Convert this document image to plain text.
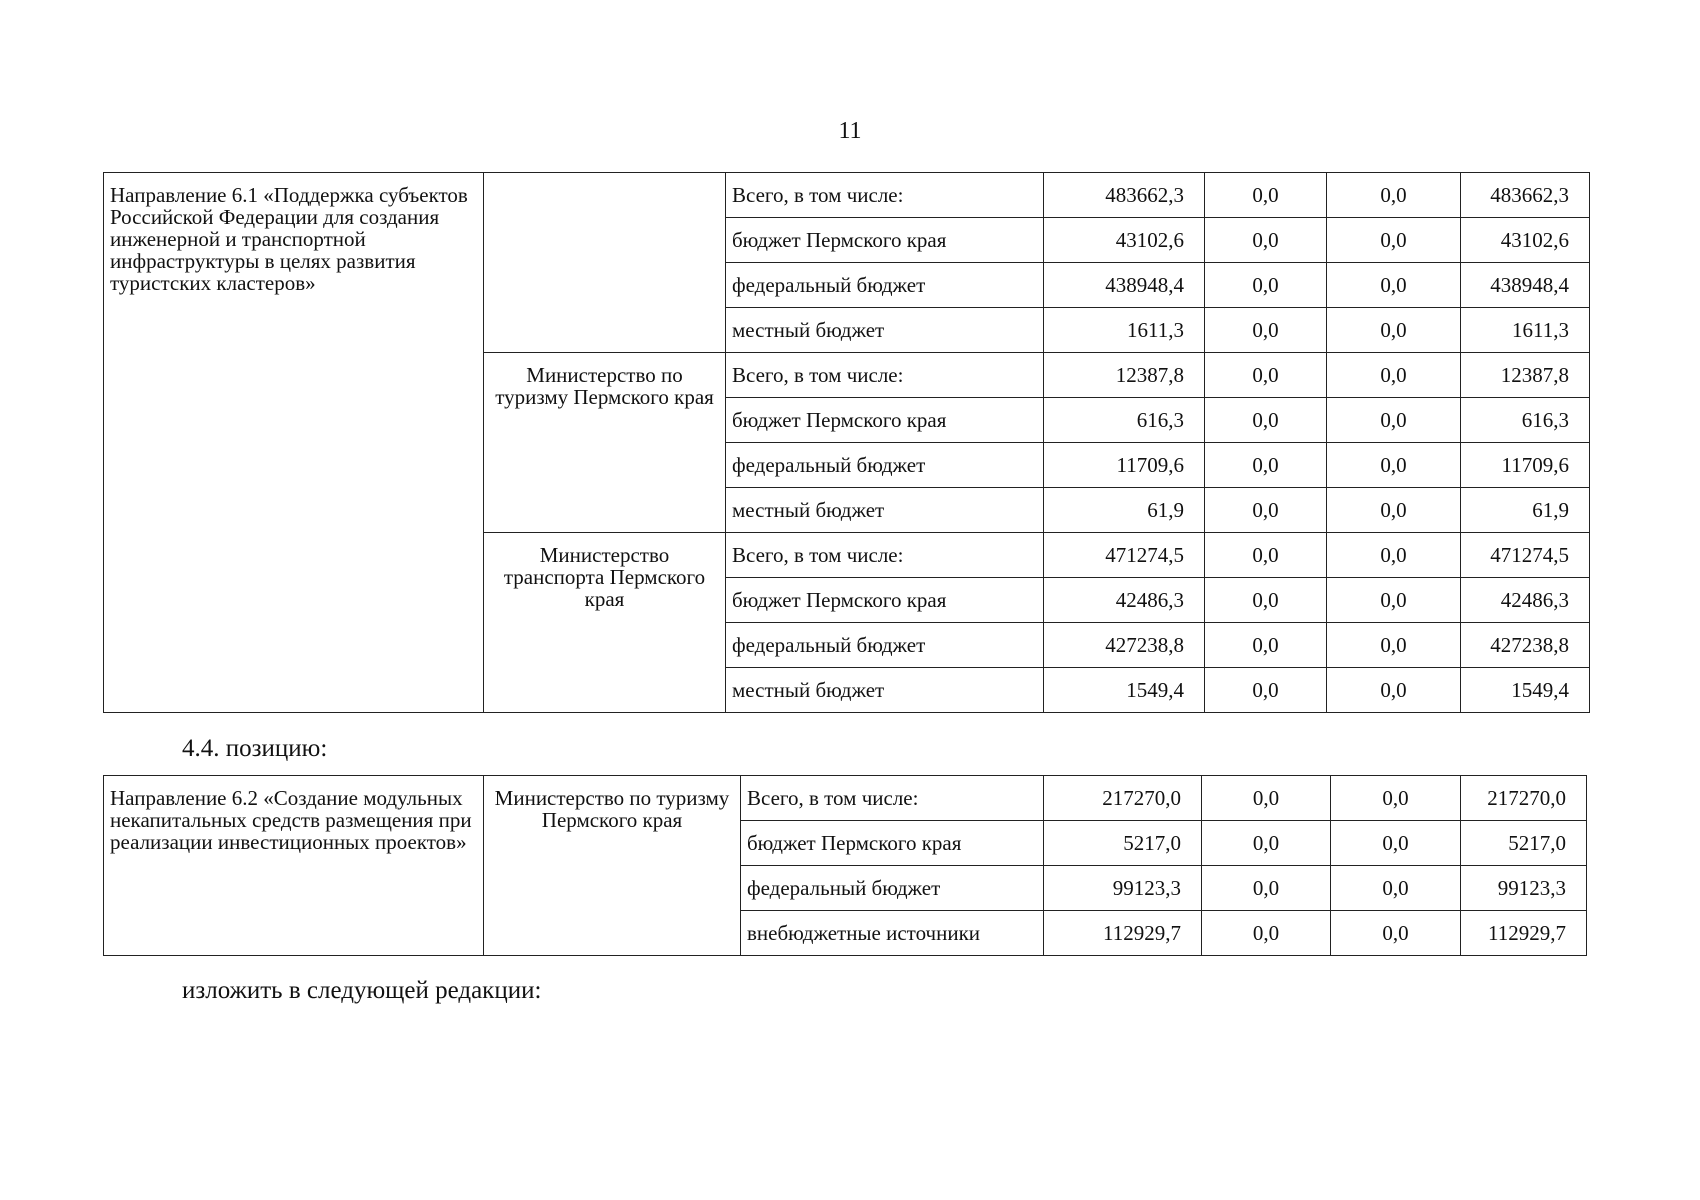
11
Направление 6.1 «Поддержка субъектов Российской Федерации для создания инженерной и транспортной инфраструктуры в целях развития туристских кластеров»		Всего, в том числе:	483662,3	0,0	0,0	483662,3
		бюджет Пермского края	43102,6	0,0	0,0	43102,6
		федеральный бюджет	438948,4	0,0	0,0	438948,4
		местный бюджет	1611,3	0,0	0,0	1611,3
	Министерство по туризму Пермского края	Всего, в том числе:	12387,8	0,0	0,0	12387,8
		бюджет Пермского края	616,3	0,0	0,0	616,3
		федеральный бюджет	11709,6	0,0	0,0	11709,6
		местный бюджет	61,9	0,0	0,0	61,9
	Министерство транспорта Пермского края	Всего, в том числе:	471274,5	0,0	0,0	471274,5
		бюджет Пермского края	42486,3	0,0	0,0	42486,3
		федеральный бюджет	427238,8	0,0	0,0	427238,8
		местный бюджет	1549,4	0,0	0,0	1549,4
4.4. позицию:
Направление 6.2 «Создание модульных некапитальных средств размещения при реализации инвестиционных проектов»	Министерство по туризму Пермского края	Всего, в том числе:	217270,0	0,0	0,0	217270,0
		бюджет Пермского края	5217,0	0,0	0,0	5217,0
		федеральный бюджет	99123,3	0,0	0,0	99123,3
		внебюджетные источники	112929,7	0,0	0,0	112929,7
изложить в следующей редакции:
